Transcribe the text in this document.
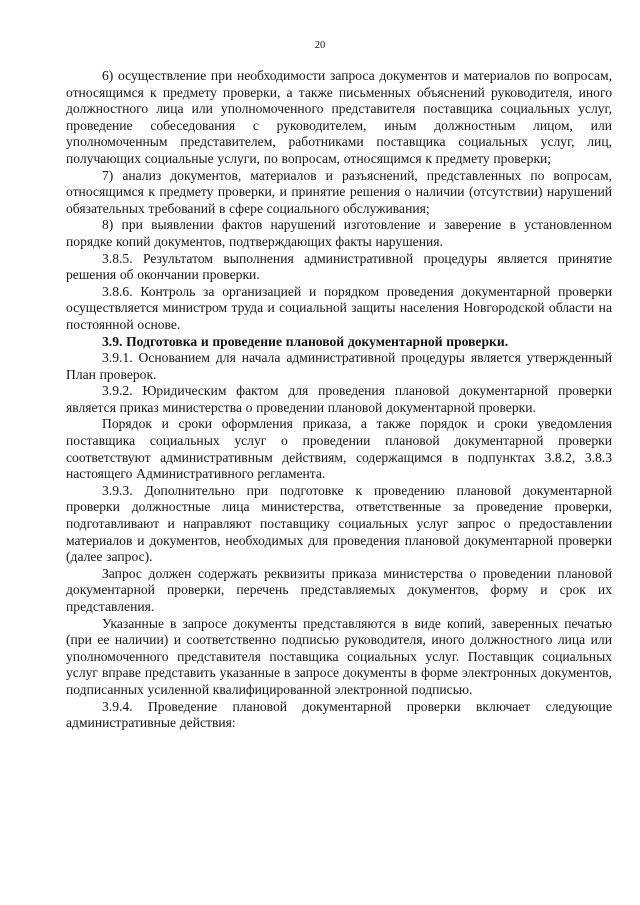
20

6) осуществление при необходимости запроса документов и материалов по вопросам, относящимся к предмету проверки, а также письменных объяснений руководителя, иного должностного лица или уполномоченного представителя поставщика социальных услуг, проведение собеседования с руководителем, иным должностным лицом, или уполномоченным представителем, работниками поставщика социальных услуг, лиц, получающих социальные услуги, по вопросам, относящимся к предмету проверки;

7) анализ документов, материалов и разъяснений, представленных по вопросам, относящимся к предмету проверки, и принятие решения о наличии (отсутствии) нарушений обязательных требований в сфере социального обслуживания;

8) при выявлении фактов нарушений изготовление и заверение в установленном порядке копий документов, подтверждающих факты нарушения.

3.8.5. Результатом выполнения административной процедуры является принятие решения об окончании проверки.

3.8.6. Контроль за организацией и порядком проведения документарной проверки осуществляется министром труда и социальной защиты населения Новгородской области на постоянной основе.

3.9. Подготовка и проведение плановой документарной проверки.

3.9.1. Основанием для начала административной процедуры является утвержденный План проверок.

3.9.2. Юридическим фактом для проведения плановой документарной проверки является приказ министерства о проведении плановой документарной проверки.

Порядок и сроки оформления приказа, а также порядок и сроки уведомления поставщика социальных услуг о проведении плановой документарной проверки соответствуют административным действиям, содержащимся в подпунктах 3.8.2, 3.8.3 настоящего Административного регламента.

3.9.3. Дополнительно при подготовке к проведению плановой документарной проверки должностные лица министерства, ответственные за проведение проверки, подготавливают и направляют поставщику социальных услуг запрос о предоставлении материалов и документов, необходимых для проведения плановой документарной проверки (далее запрос).

Запрос должен содержать реквизиты приказа министерства о проведении плановой документарной проверки, перечень представляемых документов, форму и срок их представления.

Указанные в запросе документы представляются в виде копий, заверенных печатью (при ее наличии) и соответственно подписью руководителя, иного должностного лица или уполномоченного представителя поставщика социальных услуг. Поставщик социальных услуг вправе представить указанные в запросе документы в форме электронных документов, подписанных усиленной квалифицированной электронной подписью.

3.9.4. Проведение плановой документарной проверки включает следующие административные действия:
